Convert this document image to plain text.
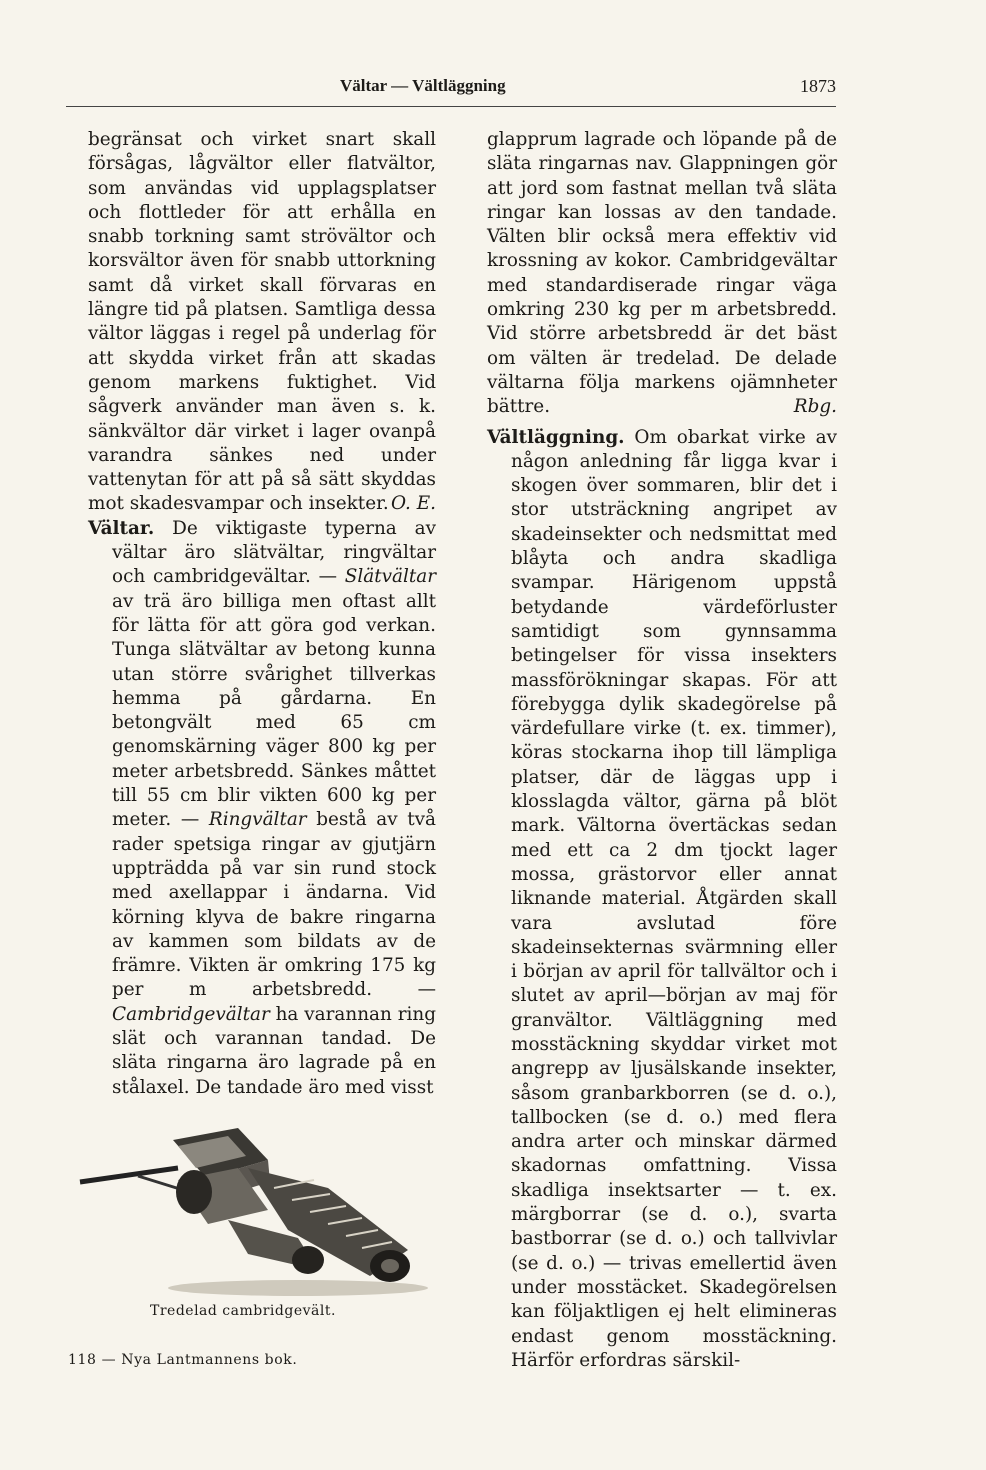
Vältar — Vältläggning	1873

begränsat och virket snart skall försågas, lågvältor eller flatvältor, som användas vid upplagsplatser och flottleder för att erhålla en snabb torkning samt strövältor och korsvältor även för snabb uttorkning samt då virket skall förvaras en längre tid på platsen. Samtliga dessa vältor läggas i regel på underlag för att skydda virket från att skadas genom markens fuktighet. Vid sågverk använder man även s. k. sänkvältor där virket i lager ovanpå varandra sänkes ned under vattenytan för att på så sätt skyddas mot skadesvampar och insekter. O. E.

Vältar. De viktigaste typerna av vältar äro slätvältar, ringvältar och cambridgevältar. — Slätvältar av trä äro billiga men oftast allt för lätta för att göra god verkan. Tunga slätvältar av betong kunna utan större svårighet tillverkas hemma på gårdarna. En betongvält med 65 cm genomskärning väger 800 kg per meter arbetsbredd. Sänkes måttet till 55 cm blir vikten 600 kg per meter. — Ringvältar bestå av två rader spetsiga ringar av gjutjärn uppträdda på var sin rund stock med axellappar i ändarna. Vid körning klyva de bakre ringarna av kammen som bildats av de främre. Vikten är omkring 175 kg per m arbetsbredd. — Cambridgevältar ha varannan ring slät och varannan tandad. De släta ringarna äro lagrade på en stålaxel. De tandade äro med visst

Tredelad cambridgevält.

glapprum lagrade och löpande på de släta ringarnas nav. Glappningen gör att jord som fastnat mellan två släta ringar kan lossas av den tandade. Välten blir också mera effektiv vid krossning av kokor. Cambridgevältar med standardiserade ringar väga omkring 230 kg per m arbetsbredd. Vid större arbetsbredd är det bäst om välten är tredelad. De delade vältarna följa markens ojämnheter bättre.	Rbg.

Vältläggning. Om obarkat virke av någon anledning får ligga kvar i skogen över sommaren, blir det i stor utsträckning angripet av skadeinsekter och nedsmittat med blåyta och andra skadliga svampar. Härigenom uppstå betydande värdeförluster samtidigt som gynnsamma betingelser för vissa insekters massförökningar skapas. För att förebygga dylik skadegörelse på värdefullare virke (t. ex. timmer), köras stockarna ihop till lämpliga platser, där de läggas upp i klosslagda vältor, gärna på blöt mark. Vältorna övertäckas sedan med ett ca 2 dm tjockt lager mossa, grästorvor eller annat liknande material. Åtgärden skall vara avslutad före skadeinsekternas svärmning eller i början av april för tallvältor och i slutet av april—början av maj för granvältor. Vältläggning med mosstäckning skyddar virket mot angrepp av ljusälskande insekter, såsom granbarkborren (se d. o.), tallbocken (se d. o.) med flera andra arter och minskar därmed skadornas omfattning. Vissa skadliga insektsarter — t. ex. märgborrar (se d. o.), svarta bastborrar (se d. o.) och tallvivlar (se d. o.) — trivas emellertid även under mosstäcket. Skadegörelsen kan följaktligen ej helt elimineras endast genom mosstäckning. Härför erfordras särskil-

118 — Nya Lantmannens bok.
